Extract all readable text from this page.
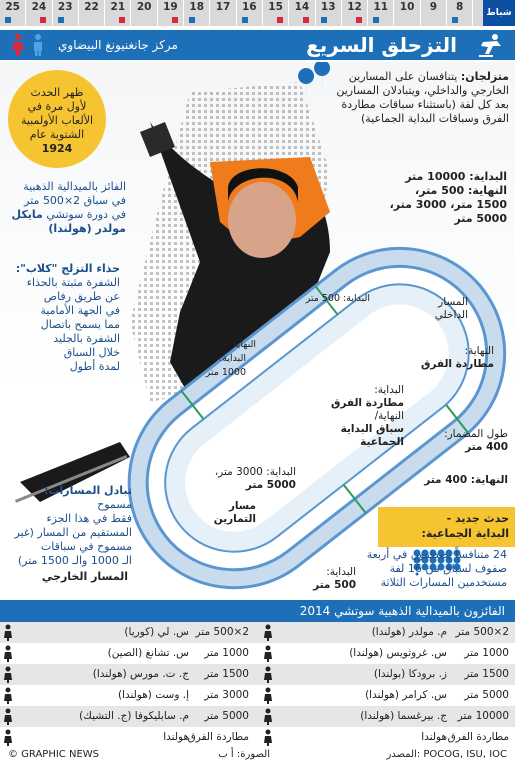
25	24	23	22	21	20	19	18	17	16	15	14	13	12	11	10	9	8	شباط
التزحلق السريع
مركز جانغنيونغ البيضاوي
ظهر الحدث
لأول مرة في
الألعاب الأولمبية
الشتوية عام
1924
متزلجان: يتنافسان على المسارين الخارجي والداخلي، ويتبادلان المسارين بعد كل لفة (باستثناء سباقات مطاردة الفرق وسباقات البداية الجماعية)
البداية: 10000 متر
النهاية: 500 متر،
1500 متر، 3000 متر،
5000 متر
الفائز بالميدالية الذهبية
في سباق 2×500 متر
في دورة سوتشي مايكل
مولدر (هولندا)
حذاء التزلج "كلاب":
الشفرة مثبتة بالحذاء
عن طريق رفاص
في الجهة الأمامية
مما يسمح باتصال
الشفرة بالجليد
خلال السباق
لمدة أطول
المسار
الداخلي
النهاية:
مطاردة الفرق
البداية:
مطاردة الفرق
النهاية/
سباق البداية
الجماعية
طول المضمار:
400 متر
النهاية: 400 متر
البداية: 500 متر
النهاية
البداية:
1000 متر
تبادل المسارات: مسموح
فقط في هذا الجزء
المستقيم من المسار (غير
مسموح في سباقات
الـ 1000 والـ 1500 متر)
المسار الخارجي
مسار
التمارين
البداية: 3000 متر،
5000 متر
البداية:
500 متر
حدث جديد -
البداية الجماعية:
24 متنافساً يصطفون في أربعة
صفوف لسباق من 16 لفة
مستخدمين المسارات الثلاثة
الفائزون بالميدالية الذهبية سوتشي 2014
2×500 متر
م. مولدر (هولندا)
2×500 متر
س. لي (كوريا)
1000 متر
س. غروثويس (هولندا)
1000 متر
س. تشانغ (الصين)
1500 متر
ز. برودكا (بولندا)
1500 متر
ج. ت. مورس (هولندا)
5000 متر
س. كرامر (هولندا)
3000 متر
إ. وست (هولندا)
10000 متر
ج. بيرغسما (هولندا)
5000 متر
م. سابليكوفا (ج. التشيك)
مطاردة الفرق
هولندا
مطاردة الفرق
هولندا
المصدر: POCOG, ISU, IOC
الصورة: أ ب
© GRAPHIC NEWS
